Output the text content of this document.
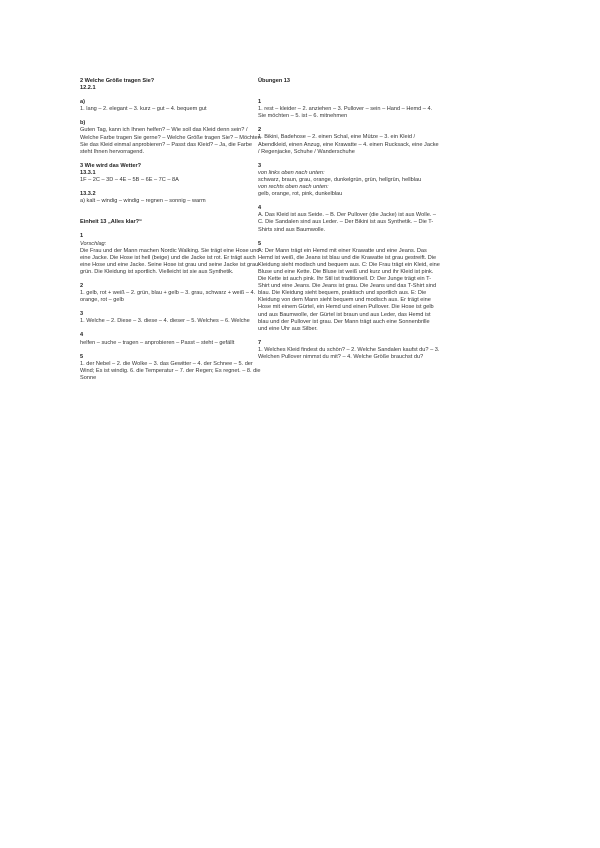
2 Welche Größe tragen Sie?
12.2.1
a)
1. lang – 2. elegant – 3. kurz – gut – 4. bequem gut
b)
Guten Tag, kann ich Ihnen helfen? – Wie soll das Kleid denn sein? / Welche Farbe tragen Sie gerne? – Welche Größe tragen Sie? – Möchten Sie das Kleid einmal anprobieren? – Passt das Kleid? – Ja, die Farbe steht Ihnen hervorragend.
3 Wie wird das Wetter?
13.3.1
1F – 2C – 3D – 4E – 5B – 6E – 7C – 8A
13.3.2
a) kalt – windig – windig – regnen – sonnig – warm
Einheit 13 „Alles klar?“
1
Vorschlag:
Die Frau und der Mann machen Nordic Walking. Sie trägt eine Hose und eine Jacke. Die Hose ist hell (beige) und die Jacke ist rot. Er trägt auch eine Hose und eine Jacke. Seine Hose ist grau und seine Jacke ist grau-grün. Die Kleidung ist sportlich. Vielleicht ist sie aus Synthetik.
2
1. gelb, rot + weiß – 2. grün, blau + gelb – 3. grau, schwarz + weiß – 4. orange, rot – gelb
3
1. Welche – 2. Diese – 3. diese – 4. dieser – 5. Welches – 6. Welche
4
helfen – suche – tragen – anprobieren – Passt – steht – gefällt
5
1. der Nebel – 2. die Wolke – 3. das Gewitter – 4. der Schnee – 5. der Wind; Es ist windig. 6. die Temperatur – 7. der Regen; Es regnet. – 8. die Sonne
Übungen 13
1
1. rest – kleider – 2. anziehen – 3. Pullover – sein – Hand – Hemd – 4. Sie möchten – 5. ist – 6. mitnehmen
2
1. Bikini, Badehose – 2. einen Schal, eine Mütze – 3. ein Kleid / Abendkleid, einen Anzug, eine Krawatte – 4. einen Rucksack, eine Jacke / Regenjacke, Schuhe / Wanderschuhe
3
von links oben nach unten:
schwarz, braun, grau, orange, dunkelgrün, grün, hellgrün, hellblau
von rechts oben nach unten:
gelb, orange, rot, pink, dunkelblau
4
A. Das Kleid ist aus Seide. – B. Der Pullover (die Jacke) ist aus Wolle. – C. Die Sandalen sind aus Leder. – Der Bikini ist aus Synthetik. – Die T-Shirts sind aus Baumwolle.
5
A: Der Mann trägt ein Hemd mit einer Krawatte und eine Jeans. Das Hemd ist weiß, die Jeans ist blau und die Krawatte ist grau gestreift. Die Kleidung sieht modisch und bequem aus. C: Die Frau trägt ein Kleid, eine Bluse und eine Kette. Die Bluse ist weiß und kurz und ihr Kleid ist pink. Die Kette ist auch pink. Ihr Stil ist traditionell. D: Der Junge trägt ein T-Shirt und eine Jeans. Die Jeans ist grau. Die Jeans und das T-Shirt sind blau. Die Kleidung sieht bequem, praktisch und sportlich aus. E: Die Kleidung von dem Mann sieht bequem und modisch aus. Er trägt eine Hose mit einem Gürtel, ein Hemd und einen Pullover. Die Hose ist gelb und aus Baumwolle, der Gürtel ist braun und aus Leder, das Hemd ist blau und der Pullover ist grau. Der Mann trägt auch eine Sonnenbrille und eine Uhr aus Silber.
7
1. Welches Kleid findest du schön? – 2. Welche Sandalen kaufst du? – 3. Welchen Pullover nimmst du mit? – 4. Welche Größe brauchst du?
